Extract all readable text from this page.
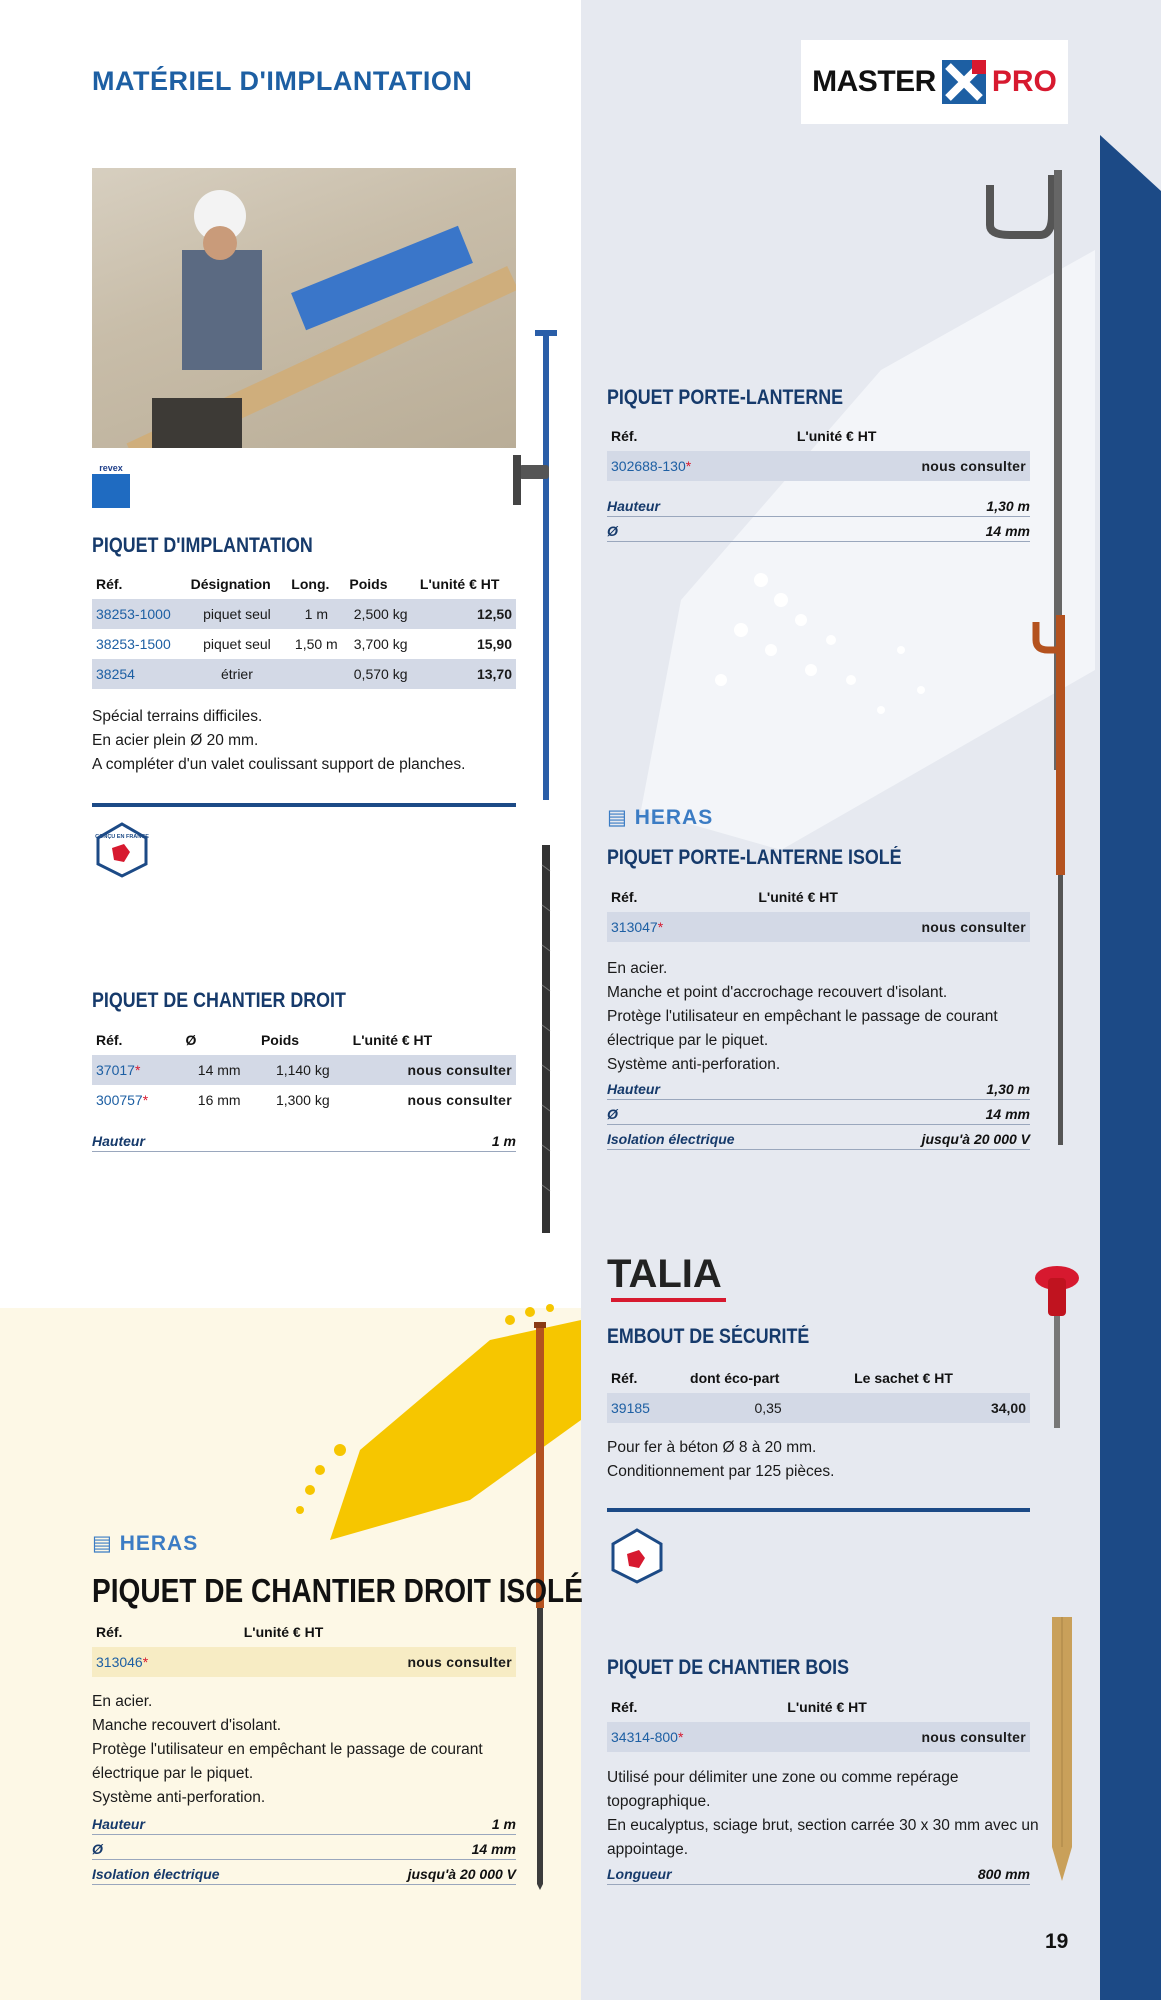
MATÉRIEL D'IMPLANTATION	MASTER PRO
revex
PIQUET D'IMPLANTATION
Réf.	Désignation	Long.	Poids	L'unité € HT
38253-1000	piquet seul	1 m	2,500 kg	12,50
38253-1500	piquet seul	1,50 m	3,700 kg	15,90
38254	étrier		0,570 kg	13,70
Spécial terrains difficiles.
En acier plein Ø 20 mm.
A compléter d'un valet coulissant support de planches.
CONÇU EN FRANCE
PIQUET DE CHANTIER DROIT
Réf.	Ø	Poids	L'unité € HT
37017*	14 mm	1,140 kg	nous consulter
300757*	16 mm	1,300 kg	nous consulter
Hauteur	1 m
▤ HERAS
PIQUET DE CHANTIER DROIT ISOLÉ
Réf.	L'unité € HT
313046*	nous consulter
En acier.
Manche recouvert d'isolant.
Protège l'utilisateur en empêchant le passage de courant
électrique par le piquet.
Système anti-perforation.
Hauteur	1 m
Ø	14 mm
Isolation électrique	jusqu'à 20 000 V
PIQUET PORTE-LANTERNE
Réf.	L'unité € HT
302688-130*	nous consulter
Hauteur	1,30 m
Ø	14 mm
▤ HERAS
PIQUET PORTE-LANTERNE ISOLÉ
Réf.	L'unité € HT
313047*	nous consulter
En acier.
Manche et point d'accrochage recouvert d'isolant.
Protège l'utilisateur en empêchant le passage de courant
électrique par le piquet.
Système anti-perforation.
Hauteur	1,30 m
Ø	14 mm
Isolation électrique	jusqu'à 20 000 V
TALIA
EMBOUT DE SÉCURITÉ
Réf.	dont éco-part	Le sachet € HT
39185	0,35	34,00
Pour fer à béton Ø 8 à 20 mm.
Conditionnement par 125 pièces.
PIQUET DE CHANTIER BOIS
Réf.	L'unité € HT
34314-800*	nous consulter
Utilisé pour délimiter une zone ou comme repérage
topographique.
En eucalyptus, sciage brut, section carrée 30 x 30 mm avec un
appointage.
Longueur	800 mm
19
